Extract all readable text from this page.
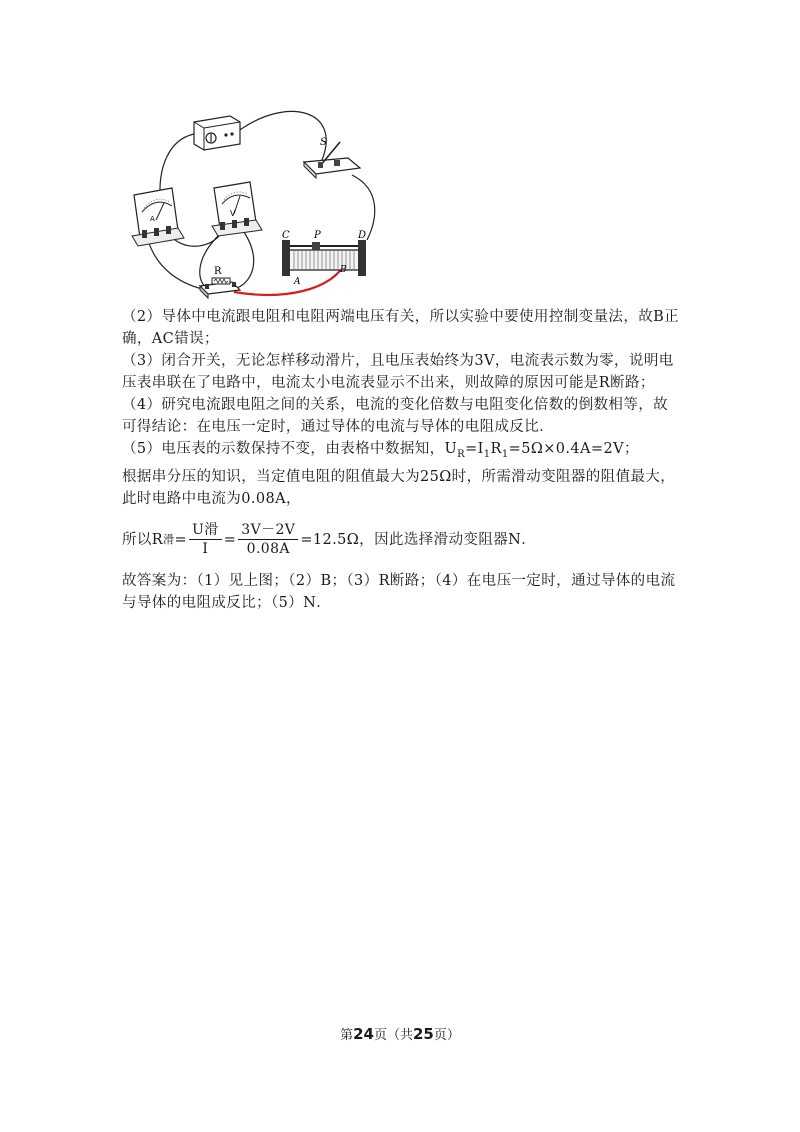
S
A
V
R
C P	D
A
B

（2）导体中电流跟电阻和电阻两端电压有关，所以实验中要使用控制变量法，故B正确，AC错误；

（3）闭合开关，无论怎样移动滑片，且电压表始终为3V，电流表示数为零，说明电压表串联在了电路中，电流太小电流表显示不出来，则故障的原因可能是R断路；

（4）研究电流跟电阻之间的关系，电流的变化倍数与电阻变化倍数的倒数相等，故可得结论：在电压一定时，通过导体的电流与导体的电阻成反比．

（5）电压表的示数保持不变，由表格中数据知，$U_R=I_1R_1=5\Omega\times 0.4A=2V$；

根据串分压的知识，当定值电阻的阻值最大为25Ω时，所需滑动变阻器的阻值最大，此时电路中电流为0.08A，

所以R 滑 = $\frac{\text{U滑}}{I} = \frac{3V-2V}{0.08A} =12.5\Omega$，因此选择滑动变阻器N．

故答案为：（1）见上图；（2）B；（3）R断路；（4）在电压一定时，通过导体的电流与导体的电阻成反比；（5）N．

第24页（共25页）
